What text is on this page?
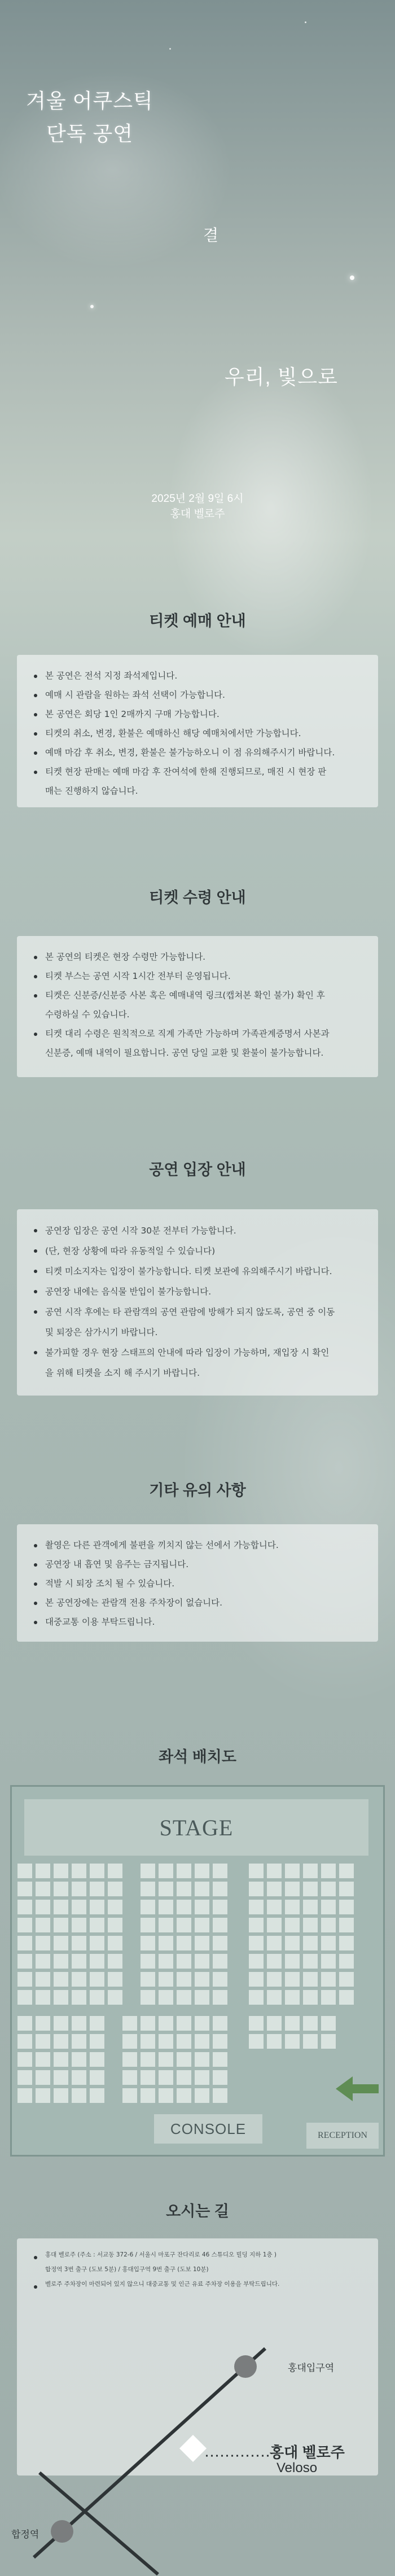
겨울 어쿠스틱
단독 공연
결
우리, 빛으로
2025년 2월 9일 6시
홍대 벨로주
티켓 예매 안내
본 공연은 전석 지정 좌석제입니다.
예매 시 관람을 원하는 좌석 선택이 가능합니다.
본 공연은 회당 1인 2매까지 구매 가능합니다.
티켓의 취소, 변경, 환불은 예매하신 해당 예매처에서만 가능합니다.
예매 마감 후 취소, 변경, 환불은 불가능하오니 이 점 유의해주시기 바랍니다.
티켓 현장 판매는 예매 마감 후 잔여석에 한해 진행되므로, 매진 시 현장 판
매는 진행하지 않습니다.
티켓 수령 안내
본 공연의 티켓은 현장 수령만 가능합니다.
티켓 부스는 공연 시작 1시간 전부터 운영됩니다.
티켓은 신분증/신분증 사본 혹은 예매내역 링크(캡쳐본 확인 불가) 확인 후
수령하실 수 있습니다.
티켓 대리 수령은 원칙적으로 직계 가족만 가능하며 가족관계증명서 사본과
신분증, 예매 내역이 필요합니다. 공연 당일 교환 및 환불이 불가능합니다.
공연 입장 안내
공연장 입장은 공연 시작 30분 전부터 가능합니다.
(단, 현장 상황에 따라 유동적일 수 있습니다)
티켓 미소지자는 입장이 불가능합니다. 티켓 보관에 유의해주시기 바랍니다.
공연장 내에는 음식물 반입이 불가능합니다.
공연 시작 후에는 타 관람객의 공연 관람에 방해가 되지 않도록, 공연 중 이동
및 퇴장은 삼가시기 바랍니다.
불가피할 경우 현장 스태프의 안내에 따라 입장이 가능하며, 재입장 시 확인
을 위해 티켓을 소지 해 주시기 바랍니다.
기타 유의 사항
촬영은 다른 관객에게 불편을 끼치지 않는 선에서 가능합니다.
공연장 내 흡연 및 음주는 금지됩니다.
적발 시 퇴장 조치 될 수 있습니다.
본 공연장에는 관람객 전용 주차장이 없습니다.
대중교통 이용 부탁드립니다.
좌석 배치도
STAGE
CONSOLE	RECEPTION
오시는 길
홍대 벨로주 (주소 : 서교동 372-6 / 서울시 마포구 잔다리로 46 스튜디오 빌딩 지하 1층 )
합정역 3번 출구 (도보 5분) / 홍대입구역 9번 출구 (도보 10분)
벨로주 주차장이 마련되어 있지 않으니 대중교통 및 인근 유료 주차장 이용을 부탁드립니다.
홍대입구역
합정역
홍대 벨로주
Veloso
